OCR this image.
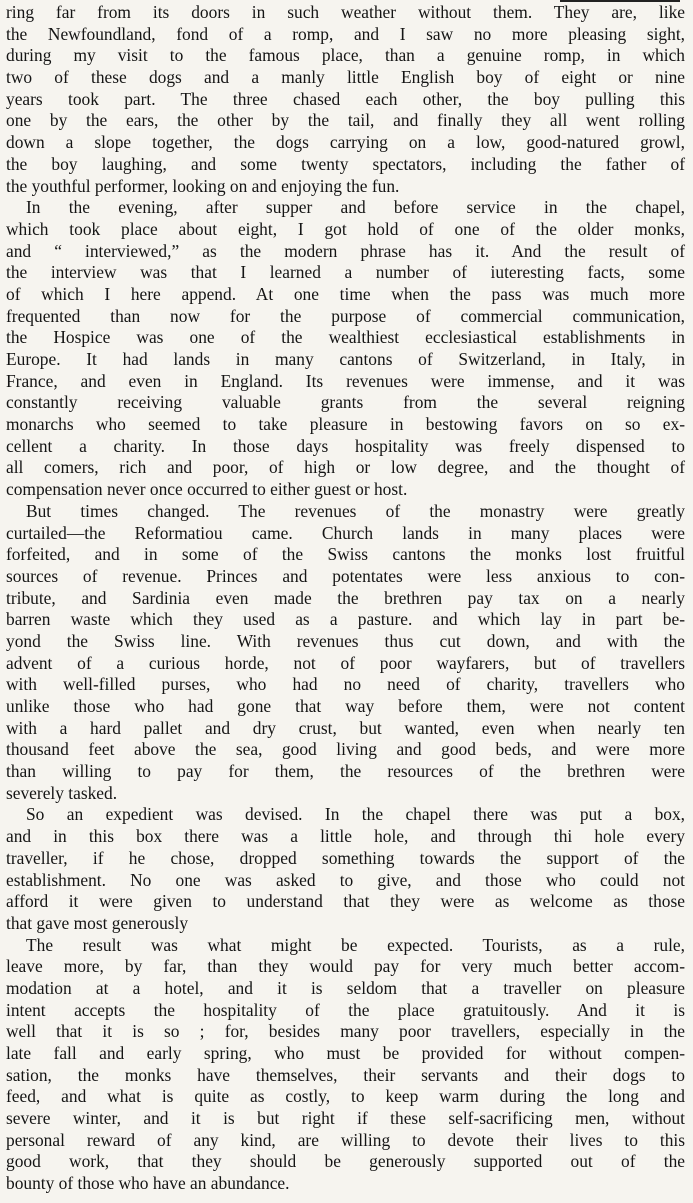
ring far from its doors in such weather without them. They are, like
the Newfoundland, fond of a romp, and I saw no more pleasing sight,
during my visit to the famous place, than a genuine romp, in which
two of these dogs and a manly little English boy of eight or nine
years took part. The three chased each other, the boy pulling this
one by the ears, the other by the tail, and finally they all went rolling
down a slope together, the dogs carrying on a low, good-natured growl,
the boy laughing, and some twenty spectators, including the father of
the youthful performer, looking on and enjoying the fun.
In the evening, after supper and before service in the chapel,
which took place about eight, I got hold of one of the older monks,
and “ interviewed,” as the modern phrase has it. And the result of
the interview was that I learned a number of iuteresting facts, some
of which I here append. At one time when the pass was much more
frequented than now for the purpose of commercial communication,
the Hospice was one of the wealthiest ecclesiastical establishments in
Europe. It had lands in many cantons of Switzerland, in Italy, in
France, and even in England. Its revenues were immense, and it was
constantly receiving valuable grants from the several reigning
monarchs who seemed to take pleasure in bestowing favors on so ex-
cellent a charity. In those days hospitality was freely dispensed to
all comers, rich and poor, of high or low degree, and the thought of
compensation never once occurred to either guest or host.
But times changed. The revenues of the monastry were greatly
curtailed—the Reformatiou came. Church lands in many places were
forfeited, and in some of the Swiss cantons the monks lost fruitful
sources of revenue. Princes and potentates were less anxious to con-
tribute, and Sardinia even made the brethren pay tax on a nearly
barren waste which they used as a pasture. and which lay in part be-
yond the Swiss line. With revenues thus cut down, and with the
advent of a curious horde, not of poor wayfarers, but of travellers
with well-filled purses, who had no need of charity, travellers who
unlike those who had gone that way before them, were not content
with a hard pallet and dry crust, but wanted, even when nearly ten
thousand feet above the sea, good living and good beds, and were more
than willing to pay for them, the resources of the brethren were
severely tasked.
So an expedient was devised. In the chapel there was put a box,
and in this box there was a little hole, and through thi hole every
traveller, if he chose, dropped something towards the support of the
establishment. No one was asked to give, and those who could not
afford it were given to understand that they were as welcome as those
that gave most generously
The result was what might be expected. Tourists, as a rule,
leave more, by far, than they would pay for very much better accom-
modation at a hotel, and it is seldom that a traveller on pleasure
intent accepts the hospitality of the place gratuitously. And it is
well that it is so ; for, besides many poor travellers, especially in the
late fall and early spring, who must be provided for without compen-
sation, the monks have themselves, their servants and their dogs to
feed, and what is quite as costly, to keep warm during the long and
severe winter, and it is but right if these self-sacrificing men, without
personal reward of any kind, are willing to devote their lives to this
good work, that they should be generously supported out of the
bounty of those who have an abundance.
